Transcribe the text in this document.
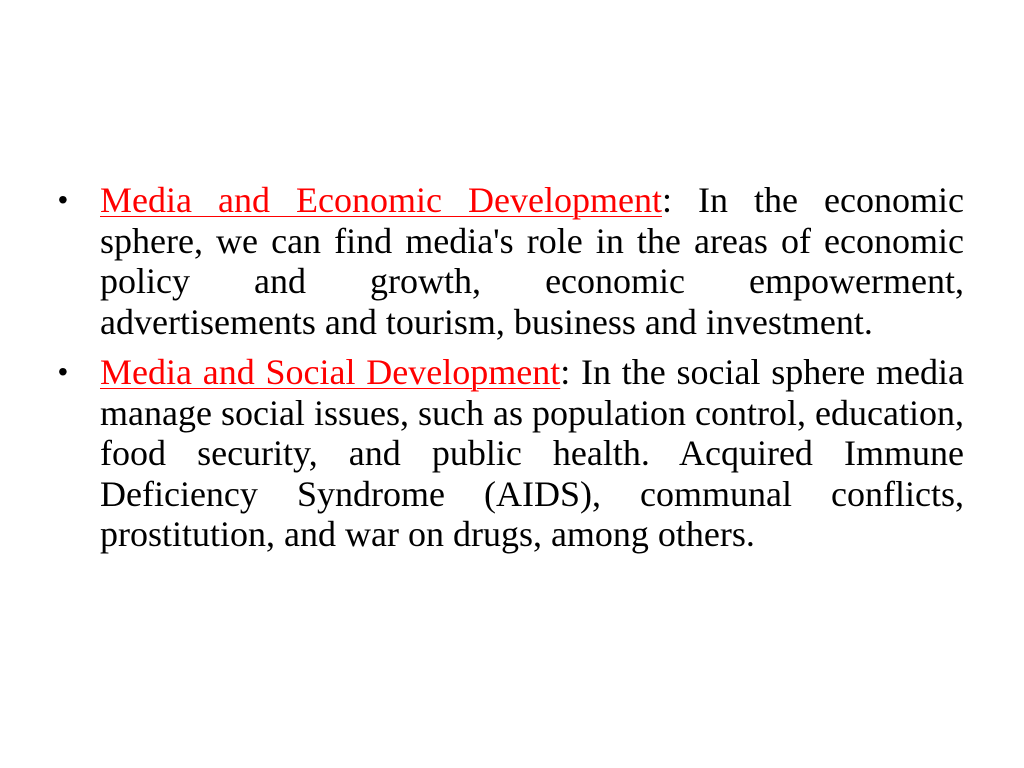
• Media and Economic Development: In the economic sphere, we can find media's role in the areas of economic policy and growth, economic empowerment, advertisements and tourism, business and investment.
• Media and Social Development: In the social sphere media manage social issues, such as population control, education, food security, and public health. Acquired Immune Deficiency Syndrome (AIDS), communal conflicts, prostitution, and war on drugs, among others.
